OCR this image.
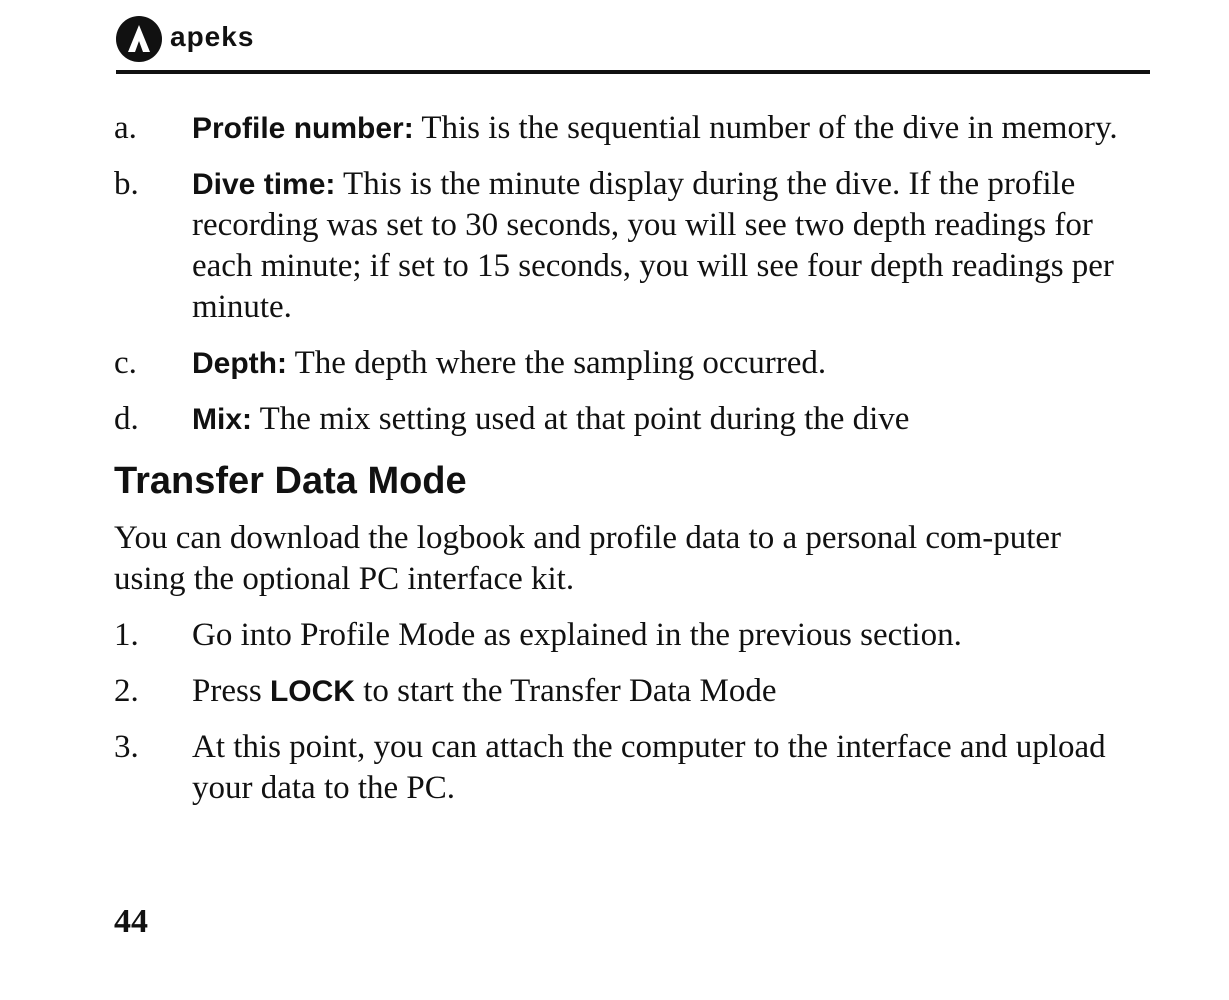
apeks
a.	Profile number: This is the sequential number of the dive in memory.
b.	Dive time: This is the minute display during the dive. If the profile recording was set to 30 seconds, you will see two depth readings for each minute; if set to 15 seconds, you will see four depth readings per minute.
c.	Depth: The depth where the sampling occurred.
d.	Mix: The mix setting used at that point during the dive
Transfer Data Mode
You can download the logbook and profile data to a personal com-puter using the optional PC interface kit.
1.	Go into Profile Mode as explained in the previous section.
2.	Press LOCK to start the Transfer Data Mode
3.	At this point, you can attach the computer to the interface and upload your data to the PC.
44
